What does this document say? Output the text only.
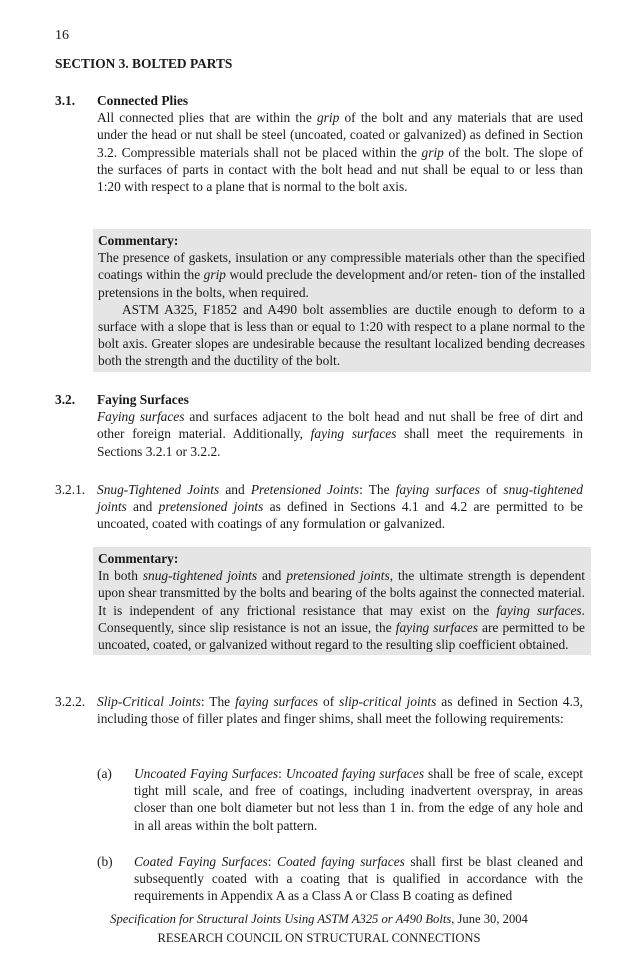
16
SECTION 3. BOLTED PARTS
3.1. Connected Plies

All connected plies that are within the grip of the bolt and any materials that are used under the head or nut shall be steel (uncoated, coated or galvanized) as defined in Section 3.2. Compressible materials shall not be placed within the grip of the bolt. The slope of the surfaces of parts in contact with the bolt head and nut shall be equal to or less than 1:20 with respect to a plane that is normal to the bolt axis.

Commentary:

The presence of gaskets, insulation or any compressible materials other than the specified coatings within the grip would preclude the development and/or reten- tion of the installed pretensions in the bolts, when required.

ASTM A325, F1852 and A490 bolt assemblies are ductile enough to deform to a surface with a slope that is less than or equal to 1:20 with respect to a plane normal to the bolt axis. Greater slopes are undesirable because the resultant localized bending decreases both the strength and the ductility of the bolt.

3.2. Faying Surfaces

Faying surfaces and surfaces adjacent to the bolt head and nut shall be free of dirt and other foreign material. Additionally, faying surfaces shall meet the requirements in Sections 3.2.1 or 3.2.2.

3.2.1. Snug-Tightened Joints and Pretensioned Joints: The faying surfaces of snug-tightened joints and pretensioned joints as defined in Sections 4.1 and 4.2 are permitted to be uncoated, coated with coatings of any formulation or galvanized.

Commentary:

In both snug-tightened joints and pretensioned joints, the ultimate strength is dependent upon shear transmitted by the bolts and bearing of the bolts against the connected material. It is independent of any frictional resistance that may exist on the faying surfaces. Consequently, since slip resistance is not an issue, the faying surfaces are permitted to be uncoated, coated, or galvanized without regard to the resulting slip coefficient obtained.

3.2.2. Slip-Critical Joints: The faying surfaces of slip-critical joints as defined in Section 4.3, including those of filler plates and finger shims, shall meet the following requirements:

(a) Uncoated Faying Surfaces: Uncoated faying surfaces shall be free of scale, except tight mill scale, and free of coatings, including inadvertent overspray, in areas closer than one bolt diameter but not less than 1 in. from the edge of any hole and in all areas within the bolt pattern.

(b) Coated Faying Surfaces: Coated faying surfaces shall first be blast cleaned and subsequently coated with a coating that is qualified in accordance with the requirements in Appendix A as a Class A or Class B coating as defined

Specification for Structural Joints Using ASTM A325 or A490 Bolts, June 30, 2004
RESEARCH COUNCIL ON STRUCTURAL CONNECTIONS
